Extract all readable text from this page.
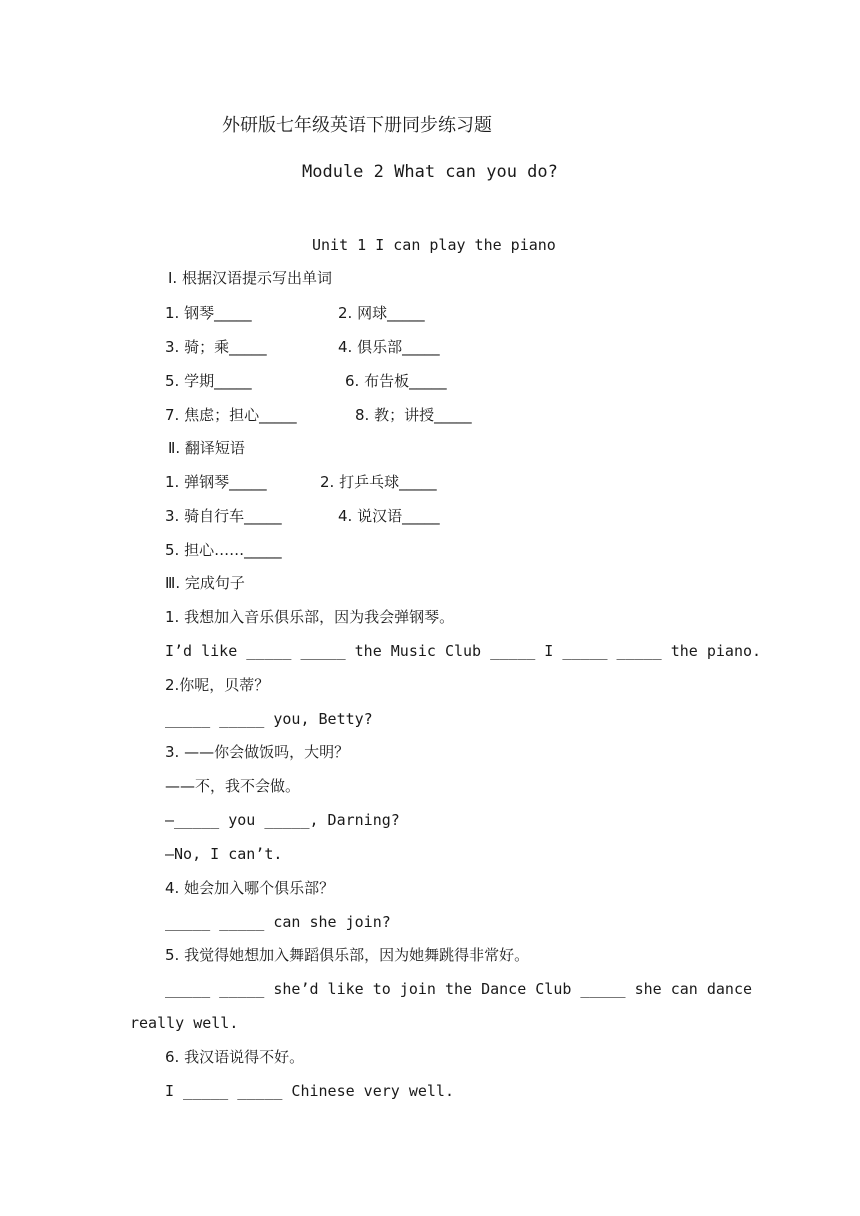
外研版七年级英语下册同步练习题
Module 2 What can you do?
Unit 1 I can play the piano
Ⅰ. 根据汉语提示写出单词
1. 钢琴_____	2. 网球_____
3. 骑；乘_____	4. 俱乐部_____
5. 学期_____	6. 布告板_____
7. 焦虑；担心_____	8. 教；讲授_____
Ⅱ. 翻译短语
1. 弹钢琴_____	2. 打乒乓球_____
3. 骑自行车_____	4. 说汉语_____
5. 担心……_____
Ⅲ. 完成句子
1. 我想加入音乐俱乐部，因为我会弹钢琴。
I’d like _____ _____ the Music Club _____ I _____ _____ the piano.
2.你呢，贝蒂？
_____ _____ you, Betty?
3. ——你会做饭吗，大明？
——不，我不会做。
—_____ you _____, Darning?
—No, I can’t.
4. 她会加入哪个俱乐部？
_____ _____ can she join?
5. 我觉得她想加入舞蹈俱乐部，因为她舞跳得非常好。
_____ _____ she’d like to join the Dance Club _____ she can dance
really well.
6. 我汉语说得不好。
I _____ _____ Chinese very well.
